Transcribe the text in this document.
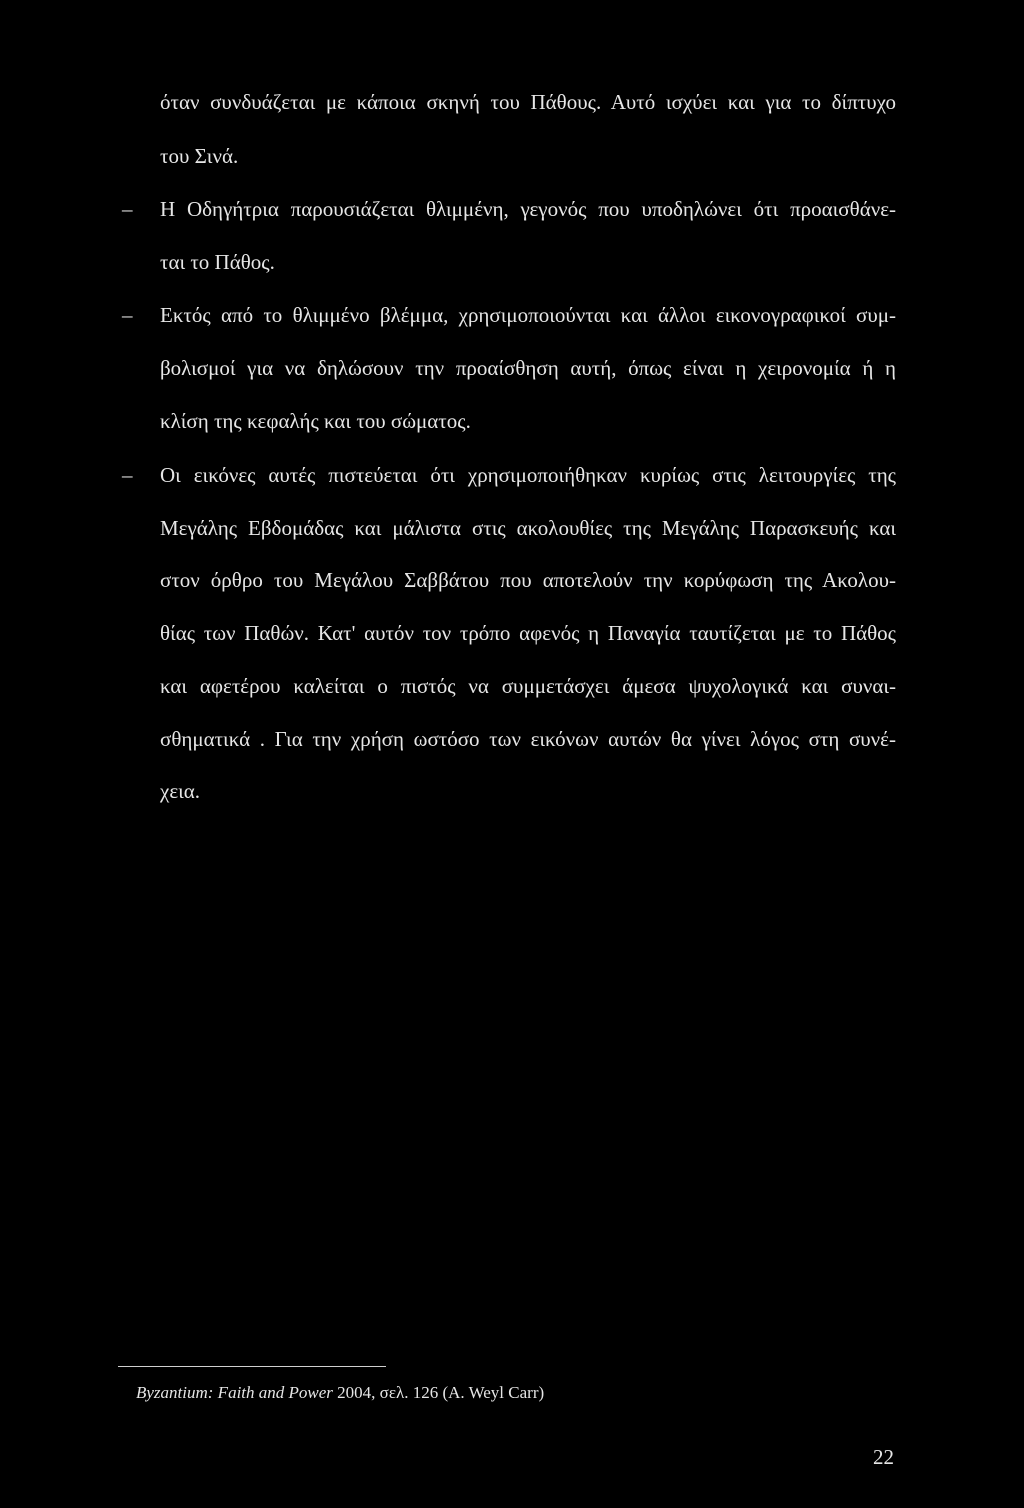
όταν συνδυάζεται με κάποια σκηνή του Πάθους. Αυτό ισχύει και για το δίπτυχο
του Σινά.
– Η Οδηγήτρια παρουσιάζεται θλιμμένη, γεγονός που υποδηλώνει ότι προαισθάνε-
ται το Πάθος.
– Εκτός από το θλιμμένο βλέμμα, χρησιμοποιούνται και άλλοι εικονογραφικοί συμ-
βολισμοί για να δηλώσουν την προαίσθηση αυτή, όπως είναι η χειρονομία ή η
κλίση της κεφαλής και του σώματος.
– Οι εικόνες αυτές πιστεύεται ότι χρησιμοποιήθηκαν κυρίως στις λειτουργίες της
Μεγάλης Εβδομάδας και μάλιστα στις ακολουθίες της Μεγάλης Παρασκευής και
στον όρθρο του Μεγάλου Σαββάτου που αποτελούν την κορύφωση της Ακολου-
θίας των Παθών. Κατ' αυτόν τον τρόπο αφενός η Παναγία ταυτίζεται με το Πάθος
και αφετέρου καλείται ο πιστός να συμμετάσχει άμεσα ψυχολογικά και συναι-
σθηματικά . Για την χρήση ωστόσο των εικόνων αυτών θα γίνει λόγος στη συνέ-
χεια.
Byzantium: Faith and Power 2004, σελ. 126 (A. Weyl Carr)
22
